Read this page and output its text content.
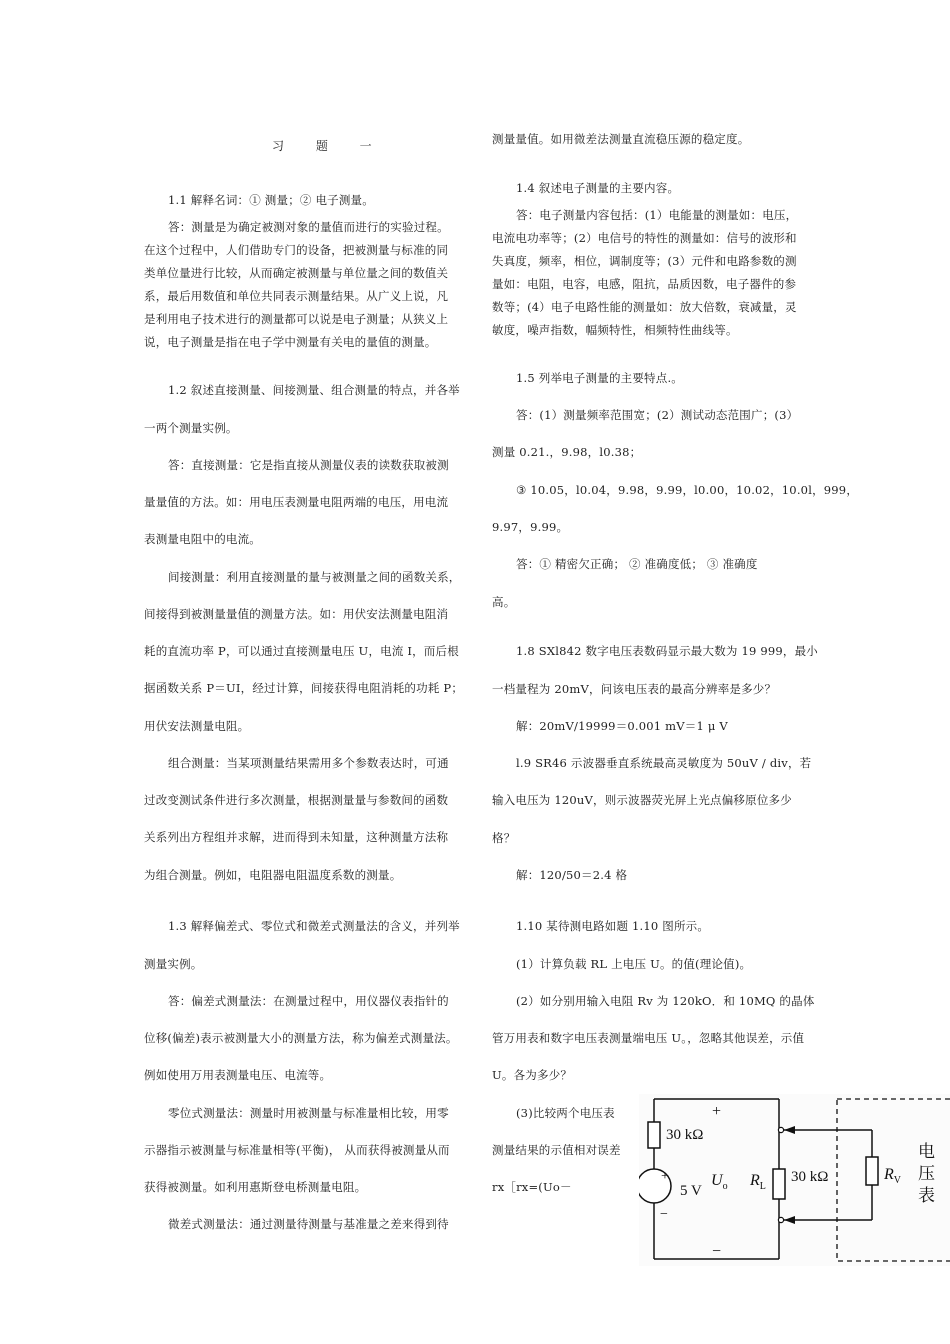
习 题 一
1.1 解释名词：① 测量；② 电子测量。
答：测量是为确定被测对象的量值而进行的实验过程。
在这个过程中，人们借助专门的设备，把被测量与标准的同
类单位量进行比较，从而确定被测量与单位量之间的数值关
系，最后用数值和单位共同表示测量结果。从广义上说，凡
是利用电子技术进行的测量都可以说是电子测量；从狭义上
说，电子测量是指在电子学中测量有关电的量值的测量。
1.2 叙述直接测量、间接测量、组合测量的特点，并各举
一两个测量实例。
答：直接测量：它是指直接从测量仪表的读数获取被测
量量值的方法。如：用电压表测量电阻两端的电压，用电流
表测量电阻中的电流。
间接测量：利用直接测量的量与被测量之间的函数关系，
间接得到被测量量值的测量方法。如：用伏安法测量电阻消
耗的直流功率 P，可以通过直接测量电压 U，电流 I，而后根
据函数关系 P＝UI，经过计算，间接获得电阻消耗的功耗 P；
用伏安法测量电阻。
组合测量：当某项测量结果需用多个参数表达时，可通
过改变测试条件进行多次测量，根据测量量与参数间的函数
关系列出方程组并求解，进而得到未知量，这种测量方法称
为组合测量。例如，电阻器电阻温度系数的测量。
1.3 解释偏差式、零位式和微差式测量法的含义，并列举
测量实例。
答：偏差式测量法：在测量过程中，用仪器仪表指针的
位移(偏差)表示被测量大小的测量方法，称为偏差式测量法。
例如使用万用表测量电压、电流等。
零位式测量法：测量时用被测量与标准量相比较，用零
示器指示被测量与标准量相等(平衡)， 从而获得被测量从而
获得被测量。如利用惠斯登电桥测量电阻。
微差式测量法：通过测量待测量与基准量之差来得到待
测量量值。如用微差法测量直流稳压源的稳定度。
1.4 叙述电子测量的主要内容。
答：电子测量内容包括：(1）电能量的测量如：电压，
电流电功率等；(2）电信号的特性的测量如：信号的波形和
失真度，频率，相位，调制度等；(3）元件和电路参数的测
量如：电阻，电容，电感，阻抗，品质因数，电子器件的参
数等；(4）电子电路性能的测量如：放大倍数，衰减量，灵
敏度，噪声指数，幅频特性，相频特性曲线等。
1.5 列举电子测量的主要特点.。
答：(1）测量频率范围宽；(2）测试动态范围广；(3）
测量 0.21.，9.98，l0.38；
③ 10.05，l0.04，9.98，9.99，l0.00，10.02，10.0l，999，
9.97，9.99。
答：① 精密欠正确； ② 准确度低； ③ 准确度
高。
1.8 SXl842 数字电压表数码显示最大数为 19 999，最小
一档量程为 20mV，问该电压表的最高分辨率是多少？
解：20mV/19999＝0.001 mV＝1 μ V
l.9 SR46 示波器垂直系统最高灵敏度为 50uV / div，若
输入电压为 120uV，则示波器荧光屏上光点偏移原位多少
格？
解：120/50＝2.4 格
1.10 某待测电路如题 1.10 图所示。
(1）计算负载 RL 上电压 U。的值(理论值)。
(2）如分别用输入电阻 Rv 为 120kO．和 10MQ 的晶体
管万用表和数字电压表测量端电压 U。，忽略其他误差，示值
U。各为多少？
(3)比较两个电压表
测量结果的示值相对误差
rx［rx=(Uo－
30 kΩ
+
5 V
−
+
−
$U_o$ $R_L$
30 kΩ	$R_V$
电
压
表
